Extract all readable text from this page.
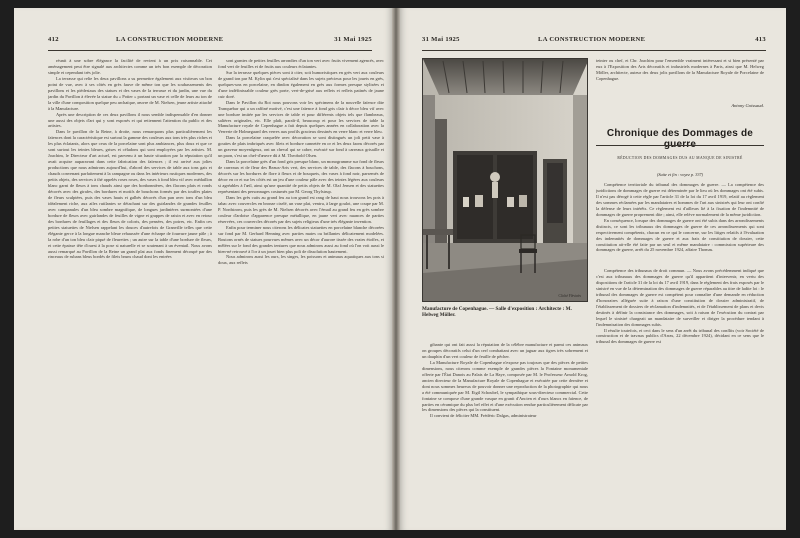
412	LA CONSTRUCTION MODERNE	31 Mai 1925

réunit à une sobre élégance la facilité de revient à un prix raisonnable. Cet aménagement peut être signalé aux architectes comme un très bon exemple de décoration simple et cependant très jolie.

La terrasse qui relie les deux pavillons a su permettre également aux visiteurs un bon point de vue, avec à ses côtés en grès fauve de même ton que les soubassements des pavillons et les piédestaux des statues et des vases de la terrasse et du jardin, une vue du jardin du Pavillon à élevée la statue du « Potier » portant un vase et celle de leurs au ton de la ville d'une composition quelque peu archaïque, œuvre de M. Nielsen, jeune artiste attaché à la Manufacture.

Après une description de ces deux pavillons il nous semble indispensable d'en donner une aussi des objets d'art qui y sont exposés et qui retiennent l'attention du public et des artistes.

Dans le pavillon de la Reine, à droite, nous remarquons plus particulièrement les faïences dont la caractéristique est surtout la gamme des couleurs aux tons très plus riches et les plus éclatants, alors que ceux de la porcelaine sont plus ambiances, plus doux et que ce sont surtout les teintes bleues, grises et céladons qui sont employées par les artistes. M. Joachim, le Directeur d'art actuel, est parvenu à un haute situation par la réputation qu'il avait acquise auparavant dans cette fabrication des faïences ; il est arrivé aux jolies productions que nous admirons aujourd'hui, d'abord des services de table aux tons gais et chauds convenant parfaitement à la campagne ou dans les intérieurs rustiques modernes, des petits objets, des services à thé appelés roses roses, des vases à fond bleu vif avec médaillon blanc garni de fleurs à tons chauds ainsi que des bonbonnières, des flacons plats et ronds décorés avec des girafes, des bordures et motifs de bouchons formés par des touffes plates de fleurs sculptées, puis des vases hauts et galbés décorés d'un pan avec tons d'un bleu idéalement riche, aux ailes rutilantes se détachant sur des guirlandes de grandes feuilles avec campanules d'un bleu sombre magnifique, de longues jardinières surmontées d'une bordure de fleurs avec guirlandes de feuilles de vigne et grappes de raisin et avec en retour des bordures de feuillages et des fleurs de coloris, des pensées, des poires, etc. Enfin ces petites statuettes de Nielsen rappelant les douces d'autrefois de Granville telles que cette élégante gerce à la longue manche bleue rehaussée d'une écharpe de fourrure jaune pâle ; à la robe d'un ton bleu clair piqué de fleurettes ; un autre sur la table d'une bordure de fleurs, et cette épaisse tête d'ouest à la pose si naturelle et se soutenant à un éventail. Nous avons aussi remarqué au Pavillon de la Reine un grand plat aux fonds finement découpé par des rinceaux de rubans bleus bordés de filets bruns chaud dont les entrées

sont garnies de petites feuilles arrondies d'un ton vert avec fruits vivement agencés, avec fond vert de feuilles et de fruits aux couleurs éclatantes.

Sur la terrasse quelques pièces sont à citer, soit humoristiques en grès vert aux couleurs de grand ton par M. Kylin qui s'est spécialisé dans les sujets précieux pour les jouets en grès, quelques-uns en porcelaine, en dindon également en grès aux formes presque stylisées et d'une indéfinissable couleur grès porte, vert-de-grisé aux reflets et reflets patinés de jaune cuir doré.

Dans le Pavillon du Roi nous pouvons voir les spécimens de la nouvelle faïence dite Tranquebar qui a un raffiné motivé, c'est une faïence à fond gris clair à décor bleu vif avec une bordure imitée par les services de table et pour différents objets tels que flambeaux, salières originales, etc. Elle plaît, paraît-il, beaucoup et pour les services de table la Manufacture royale de Copenhague a fait depuis quelques années en collaboration avec la Verrerie de Holmegaard des verres aux profils gracieux dessinés en verre blanc et verre bleu.

Dans la porcelaine craquelée avec décoration se sont distingués un joli petit vase à gouttes de plats imbriqués avec filets et bordure cannetée en or et les deux faons décorés par un graveur moyenâgeux, ont un cheval qui se cabre, exécuté sur fond à carreaux grisaille et un paon, s'est un chef-d'œuvre dû à M. Theobold Olsen.

Dans la porcelaine grès d'un fond gris presque blanc, un monogramme sur fond de fleurs de carreaux et de fleur des Beaux-Arts vert, des services de table, des flacons à bouchons, décorés sur les bordures de flore à fleurs et de bouquets, des vases à fond noir, parsemés de décor en or et sur les côtés est un jeu d'une couleur pâle avec des teintes légères aux couleurs si agréables à l'œil, ainsi qu'une quantité de petits objets de M. Olaf Jensen et des statuettes représentant des personnages costumés par M. Georg Thylstrup.

Dans les grès cuits au grand feu au ton grand est rang de haut nous trouvons les pots à tabac avec couvercles en bronze ciselé, un vase plat, ventru, à large goulot, une coupe par M. P. Nordstrom, puis les grès de M. Nielsen décorés avec l'émail au grand feu en grès sombre couleur d'ardoise d'apparence presque métallique, en jaune vert avec nuances de parties réservées, ces couvercles décorés par des sujets religieux d'une très élégante invention.

Enfin pour terminer nous citerons les délicates statuettes en porcelaine blanche décorées sur fond par M. Gerhard Henning avec parties mates ou brillantes délicatement modelées. Boutons ornés de statues pourvues mêmes avec un décor d'aurore tissée des vraies étoffes, et mêlées sur le fond des grandes tentures que nous admirons aussi au fond où l'on voit aussi le bien-né retrouvé à l'or à un jouet bien plus poli de dissolution hautement.

Nous admirons aussi les ours, les singes, les poissons et animaux aquatiques aux tons si doux, aux reflets

31 Mai 1925	LA CONSTRUCTION MODERNE	413
Cliché Flévinès
Manufacture de Copenhague. — Salle d'exposition : Architecte : M. Helweg Möller.

gibante qui ont fait aussi la réputation de la célèbre manufacture et parmi ces animaux on groupes décoratifs celui d'un cerf combattant avec un jaguar aux tigres très sobrement et un dauphin d'un vert couleur de feuille de pêcher.

La Manufacture Royale de Copenhague n'expose pas toujours que des pièces de petites dimensions, nous citerons comme exemple de grandes pièces la Fontaine monumentale offerte par l'État Danois au Palais de La Haye, composée par M. le Professeur Arnold Krog, ancien directeur de la Manufacture Royale de Copenhague et exécutée par cette dernière et dont nous sommes heureux de pouvoir donner une reproduction de la photographie qui nous a été communiquée par M. Eigil Schoubel, le sympathique sous-directeur commercial. Cette fontaine se compose d'une grande vasque en granit d'Ancien et d'ours blancs en faïence, de parties en céramique du plus bel effet et d'une exécution rendue particulièrement délicate par les dimensions des pièces qui la constituent.

Il convient de féliciter MM. Frédéric Dalgas, administrateur

teinter ou chef, et Chr. Joachim pour l'ensemble vraiment intéressant et si bien présenté par eux à l'Exposition des Arts décoratifs et industriels modernes à Paris, ainsi que M. Helweg Möller, architecte, auteur des deux jolis pavillons de la Manufacture Royale de Porcelaine de Copenhague.
Antony Goissaud.
Chronique des Dommages de guerre
RÉDUCTION DES DOMMAGES DUS AU MANQUE DE SINISTRÉ
(Suite et fin : voyez p. 337)

Compétence territoriale du tribunal des dommages de guerre. — La compétence des juridictions de dommages de guerre est déterminée par le lieu où les dommages ont été subis. Il n'est pas dérogé à cette règle par l'article 31 de la loi du 17 avril 1919, relatif au règlement des sommes réclamées par les mandataires et hommes de l'art aux sinistrés qui leur ont confié la défense de leurs intérêts. Ce règlement est d'ailleurs lié à la fixation de l'indemnité de dommages de guerre proprement dite ; ainsi, elle relève normalement de la même juridiction.

En conséquence, lorsque des dommages de guerre ont été subis dans des arrondissements distincts, ce sont les tribunaux des dommages de guerre de ces arrondissements qui sont respectivement compétents, chacun en ce qui le concerne, sur les litiges relatifs à l'évaluation des indemnités de dommages de guerre et aux frais de constitution de dossier, cette constitution ait-elle été faite par un seul et même mandataire : commission supérieure des dommages de guerre, arrêt du 25 novembre 1924, affaire Thomas.

Compétence des tribunaux de droit commun. — Nous avons précédemment indiqué que c'est aux tribunaux des dommages de guerre qu'il appartient d'intervenir, en vertu des dispositions de l'article 31 de la loi du 17 avril 1919, dans le règlement des frais exposés par le sinistré en vue de la détermination des dommages de guerre réparables au titre de ladite loi : le tribunal des dommages de guerre est compétent pour connaître d'une demande en réduction d'honoraires alléguée suite à raison d'une constitution de dossier administratif, de l'établissement de dossiers de réclamation d'indemnités, et de l'établissement de plans et devis destinés à définir la consistance des dommages, soit à raison de l'exécution du contrat par lequel le sinistré chargeait un mandataire de surveiller et diriger la procédure tendant à l'indemnisation des dommages subis.

Il résulte toutefois, et ceci dans le sens d'un arrêt du tribunal des conflits (voir Société de construction et de travaux publics d'Arras, 22 décembre 1924), décidant en ce sens que le tribunal des dommages de guerre est
